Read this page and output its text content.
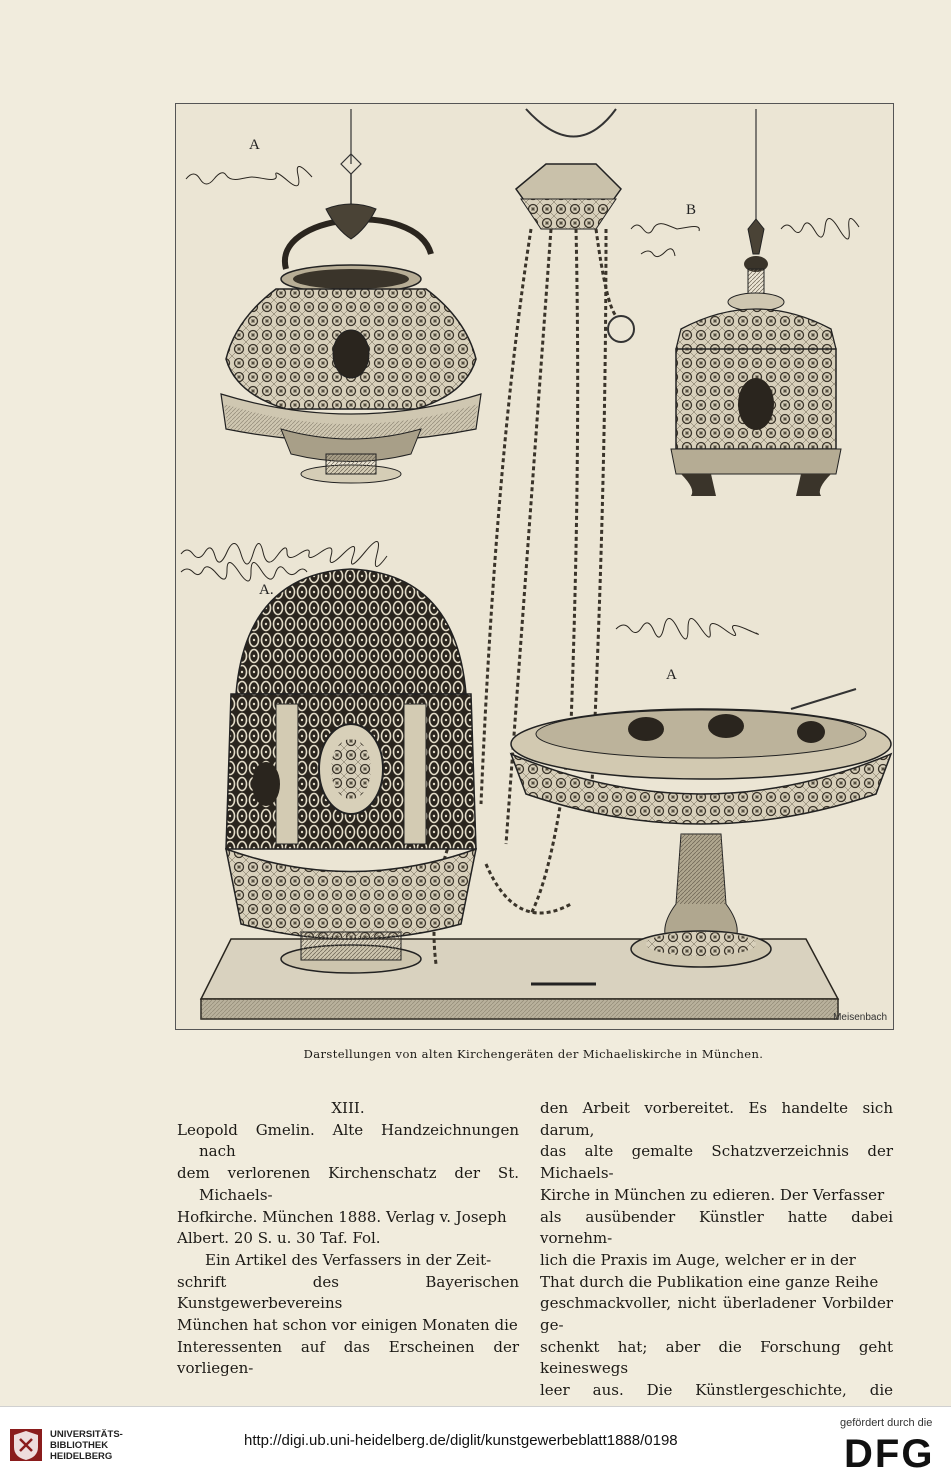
A
B
A.
A
Meisenbach
Darstellungen von alten Kirchengeräten der Michaeliskirche in München.
XIII.
Leopold Gmelin. Alte Handzeichnungen nach
dem verlorenen Kirchenschatz der St. Michaels-
Hofkirche. München 1888. Verlag v. Joseph
Albert. 20 S. u. 30 Taf. Fol.
Ein Artikel des Verfassers in der Zeit-
schrift des Bayerischen Kunstgewerbevereins
München hat schon vor einigen Monaten die
Interessenten auf das Erscheinen der vorliegen-
den Arbeit vorbereitet. Es handelte sich darum,
das alte gemalte Schatzverzeichnis der Michaels-
Kirche in München zu edieren. Der Verfasser
als ausübender Künstler hatte dabei vornehm-
lich die Praxis im Auge, welcher er in der
That durch die Publikation eine ganze Reihe
geschmackvoller, nicht überladener Vorbilder ge-
schenkt hat; aber die Forschung geht keineswegs
leer aus. Die Künstlergeschichte, die
UNIVERSITÄTS-
BIBLIOTHEK
HEIDELBERG
http://digi.ub.uni-heidelberg.de/diglit/kunstgewerbeblatt1888/0198
gefördert durch die
DFG
